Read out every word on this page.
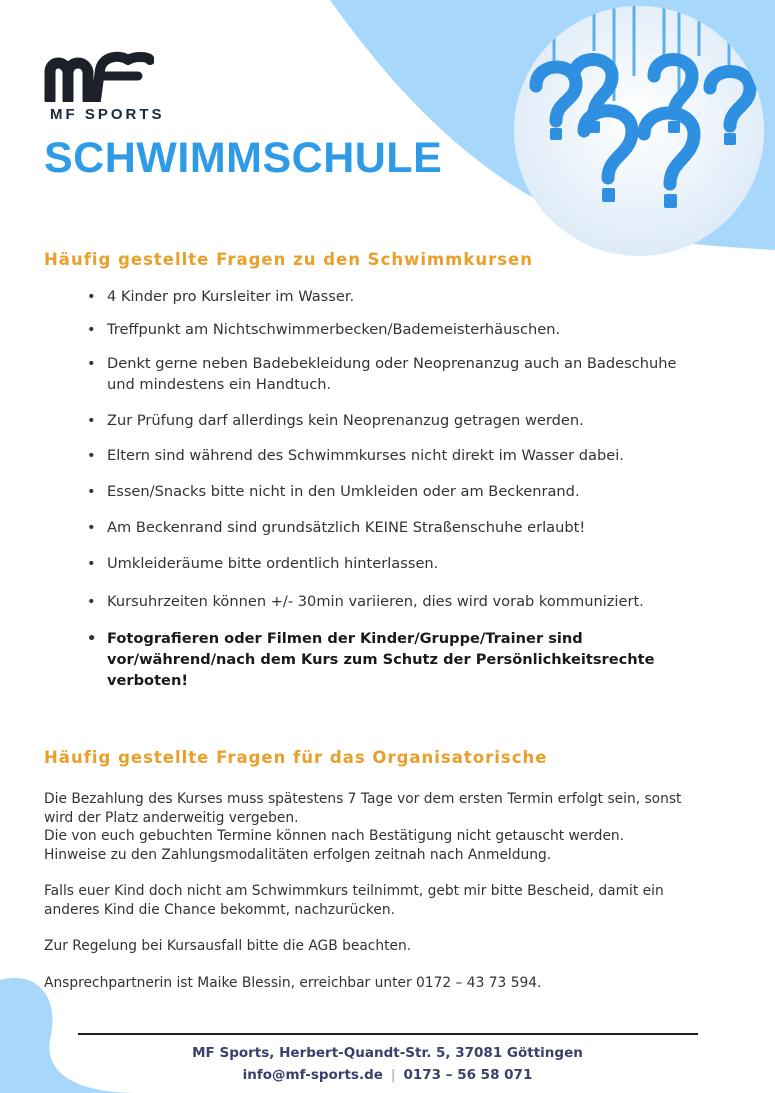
MF SPORTS
SCHWIMMSCHULE
Häufig gestellte Fragen zu den Schwimmkursen
• 4 Kinder pro Kursleiter im Wasser.
• Treffpunkt am Nichtschwimmerbecken/Bademeisterhäuschen.
• Denkt gerne neben Badebekleidung oder Neoprenanzug auch an Badeschuhe und mindestens ein Handtuch.
• Zur Prüfung darf allerdings kein Neoprenanzug getragen werden.
• Eltern sind während des Schwimmkurses nicht direkt im Wasser dabei.
• Essen/Snacks bitte nicht in den Umkleiden oder am Beckenrand.
• Am Beckenrand sind grundsätzlich KEINE Straßenschuhe erlaubt!
• Umkleideräume bitte ordentlich hinterlassen.
• Kursuhrzeiten können +/- 30min variieren, dies wird vorab kommuniziert.
• Fotografieren oder Filmen der Kinder/Gruppe/Trainer sind vor/während/nach dem Kurs zum Schutz der Persönlichkeitsrechte verboten!
Häufig gestellte Fragen für das Organisatorische

Die Bezahlung des Kurses muss spätestens 7 Tage vor dem ersten Termin erfolgt sein, sonst wird der Platz anderweitig vergeben.

Die von euch gebuchten Termine können nach Bestätigung nicht getauscht werden.

Hinweise zu den Zahlungsmodalitäten erfolgen zeitnah nach Anmeldung.

Falls euer Kind doch nicht am Schwimmkurs teilnimmt, gebt mir bitte Bescheid, damit ein anderes Kind die Chance bekommt, nachzurücken.

Zur Regelung bei Kursausfall bitte die AGB beachten.

Ansprechpartnerin ist Maike Blessin, erreichbar unter 0172 – 43 73 594.

MF Sports, Herbert-Quandt-Str. 5, 37081 Göttingen
info@mf-sports.de | 0173 – 56 58 071
